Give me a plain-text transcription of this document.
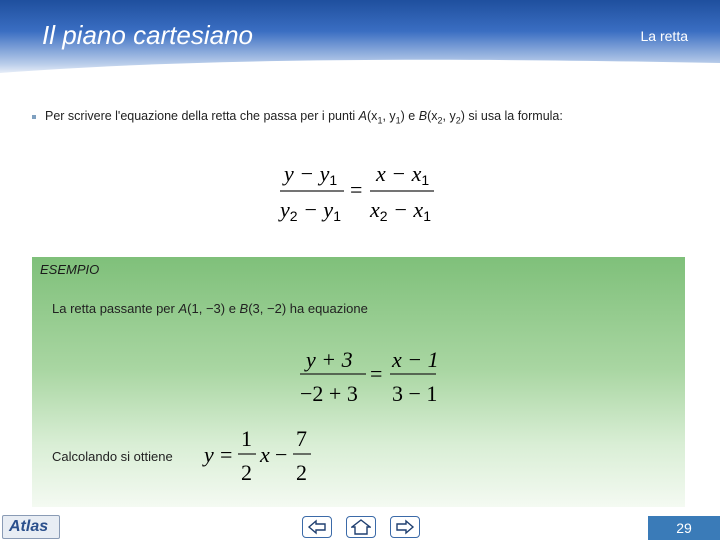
Il piano cartesiano	La retta
Per scrivere l'equazione della retta che passa per i punti $A(x_1$, $y_1$) e $B(x_2$, $y_2$) si usa la formula:
y − y1
y2 − y1
=
x − x1
x2 − x1
ESEMPIO
La retta passante per A(1, −3) e B(3, −2) ha equazione
y + 3
−2 + 3
=
x − 1
3 − 1
Calcolando si ottiene y =
1
2
x −
7
2
Atlas	29
